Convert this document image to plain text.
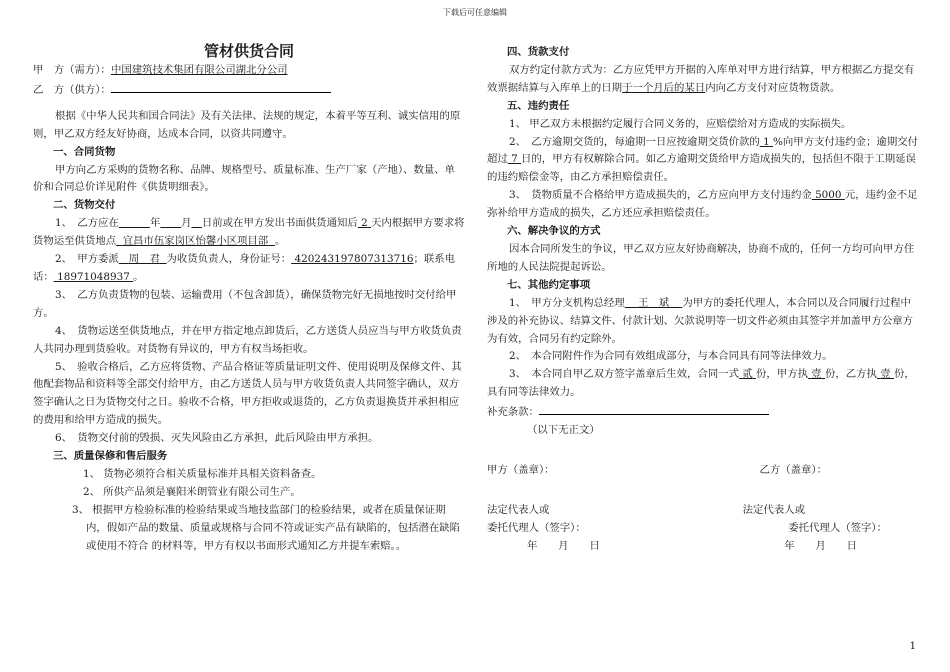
下载后可任意编辑

管材供货合同

甲　方（需方）：中国建筑技术集团有限公司湖北分公司

乙　方（供方）：

根据《中华人民共和国合同法》及有关法律、法规的规定，本着平等互利、诚实信用的原则，甲乙双方经友好协商，达成本合同，以资共同遵守。

一、合同货物

甲方向乙方采购的货物名称、品牌、规格型号、质量标准、生产厂家（产地）、数量、单价和合同总价详见附件《供货明细表》。

二、货物交付

1、　乙方应在　　　	年　　 月　 日前或在甲方发出书面供货通知后 2 天内根据甲方要求将货物运至供货地点 宜昌市伍家岗区怡馨小区项目部 。

2、　甲方委派 周　君 为收货负责人，身份证号： 420243197807313716；联系电话： 18971048937 。

3、　乙方负责货物的包装、运输费用（不包含卸货），确保货物完好无损地按时交付给甲方。

4、　货物运送至供货地点，并在甲方指定地点卸货后，乙方送货人员应当与甲方收货负责人共同办理到货验收。对货物有异议的，甲方有权当场拒收。

5、　验收合格后，乙方应将货物、产品合格证等质量证明文件、使用说明及保修文件、其他配套物品和资料等全部交付给甲方，由乙方送货人员与甲方收货负责人共同签字确认，双方签字确认之日为货物交付之日。验收不合格，甲方拒收或退货的，乙方负责退换货并承担相应的费用和给甲方造成的损失。

6、　货物交付前的毁损、灭失风险由乙方承担，此后风险由甲方承担。

三、质量保修和售后服务

1、 货物必须符合相关质量标准并具相关资料备查。

2、 所供产品须是襄阳米朗管业有限公司生产。

3、 根据甲方检验标准的检验结果或当地技监部门的检验结果，或者在质量保证期内，假如产品的数量、质量或规格与合同不符或证实产品有缺陷的，包括潜在缺陷或使用不符合 的材料等，甲方有权以书面形式通知乙方并提车索赔。。

四、货款支付

双方约定付款方式为：乙方应凭甲方开据的入库单对甲方进行结算，甲方根据乙方提交有效票据结算与入库单上的日期于一个月后的某日内向乙方支付对应货物货款。

五、违约责任

1、 甲乙双方未根据约定履行合同义务的，应赔偿给对方造成的实际损失。

2、　乙方逾期交货的，每逾期一日应按逾期交货价款的 1 %向甲方支付违约金；逾期交付超过 7 日的，甲方有权解除合同。如乙方逾期交货给甲方造成损失的，包括但不限于工期延误的违约赔偿金等，由乙方承担赔偿责任。

3、　货物质量不合格给甲方造成损失的，乙方应向甲方支付违约金 5000 元，违约金不足弥补给甲方造成的损失，乙方还应承担赔偿责任。

六、解决争议的方式

因本合同所发生的争议，甲乙双方应友好协商解决，协商不成的，任何一方均可向甲方住所地的人民法院提起诉讼。

七、其他约定事项

1、　甲方分支机构总经理 王　斌 为甲方的委托代理人，本合同以及合同履行过程中涉及的补充协议、结算文件、付款计划、欠款说明等一切文件必须由其签字并加盖甲方公章方为有效，合同另有约定除外。

2、　本合同附件作为合同有效组成部分，与本合同具有同等法律效力。

3、　本合同自甲乙双方签字盖章后生效，合同一式 贰 份，甲方执 壹 份，乙方执 壹 份，具有同等法律效力。

补充条款：

（以下无正文）

甲方（盖章）：	乙方（盖章）：
法定代表人或	法定代表人或
委托代理人（签字）：	委托代理人（签字）：
年　　月　　日	年　　月　　日
1
